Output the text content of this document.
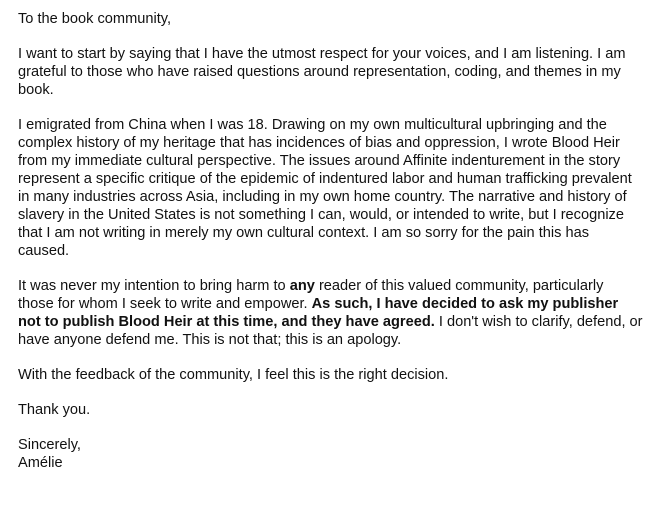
To the book community,

I want to start by saying that I have the utmost respect for your voices, and I am listening. I am grateful to those who have raised questions around representation, coding, and themes in my book.

I emigrated from China when I was 18. Drawing on my own multicultural upbringing and the complex history of my heritage that has incidences of bias and oppression, I wrote Blood Heir from my immediate cultural perspective. The issues around Affinite indenturement in the story represent a specific critique of the epidemic of indentured labor and human trafficking prevalent in many industries across Asia, including in my own home country. The narrative and history of slavery in the United States is not something I can, would, or intended to write, but I recognize that I am not writing in merely my own cultural context. I am so sorry for the pain this has caused.

It was never my intention to bring harm to any reader of this valued community, particularly those for whom I seek to write and empower. As such, I have decided to ask my publisher not to publish Blood Heir at this time, and they have agreed. I don't wish to clarify, defend, or have anyone defend me. This is not that; this is an apology.

With the feedback of the community, I feel this is the right decision.

Thank you.

Sincerely,

Amélie
